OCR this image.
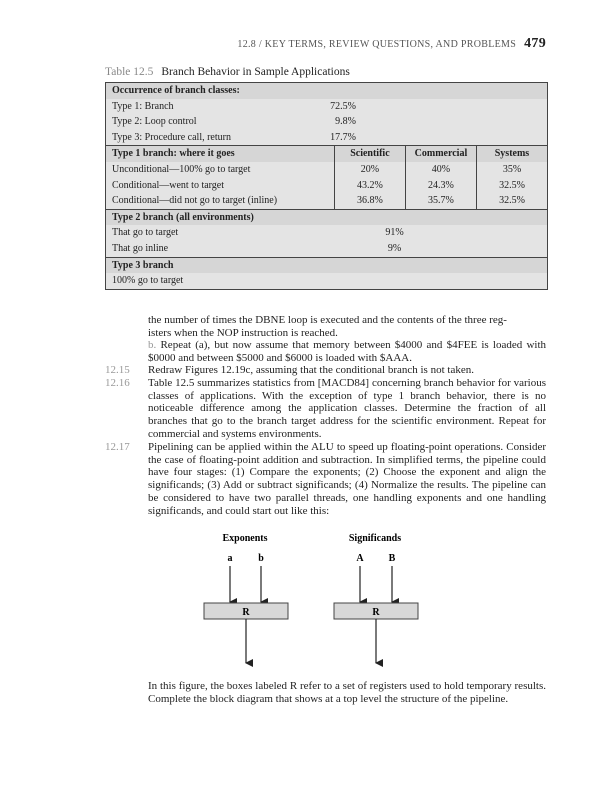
12.8 / KEY TERMS, REVIEW QUESTIONS, AND PROBLEMS 479
Table 12.5 Branch Behavior in Sample Applications
Occurrence of branch classes:
Type 1: Branch	72.5%
Type 2: Loop control	9.8%
Type 3: Procedure call, return	17.7%
Type 1 branch: where it goes	Scientific	Commercial	Systems
Unconditional—100% go to target	20%	40%	35%
Conditional—went to target	43.2%	24.3%	32.5%
Conditional—did not go to target (inline)	36.8%	35.7%	32.5%
Type 2 branch (all environments)
That go to target	91%
That go inline	9%
Type 3 branch
100% go to target
the number of times the DBNE loop is executed and the contents of the three reg-
isters when the NOP instruction is reached.
b. Repeat (a), but now assume that memory between $4000 and $4FEE is loaded with $0000 and between $5000 and $6000 is loaded with $AAA.
12.15 Redraw Figures 12.19c, assuming that the conditional branch is not taken.
12.16 Table 12.5 summarizes statistics from [MACD84] concerning branch behavior for various classes of applications. With the exception of type 1 branch behavior, there is no noticeable difference among the application classes. Determine the fraction of all branches that go to the branch target address for the scientific environment. Repeat for commercial and systems environments.
12.17 Pipelining can be applied within the ALU to speed up floating-point operations. Consider the case of floating-point addition and subtraction. In simplified terms, the pipeline could have four stages: (1) Compare the exponents; (2) Choose the exponent and align the significands; (3) Add or subtract significands; (4) Normalize the results. The pipeline can be considered to have two parallel threads, one handling exponents and one handling significands, and could start out like this:
Exponents
a	b
R
Significands
A	B
R
In this figure, the boxes labeled R refer to a set of registers used to hold temporary results. Complete the block diagram that shows at a top level the structure of the pipeline.
